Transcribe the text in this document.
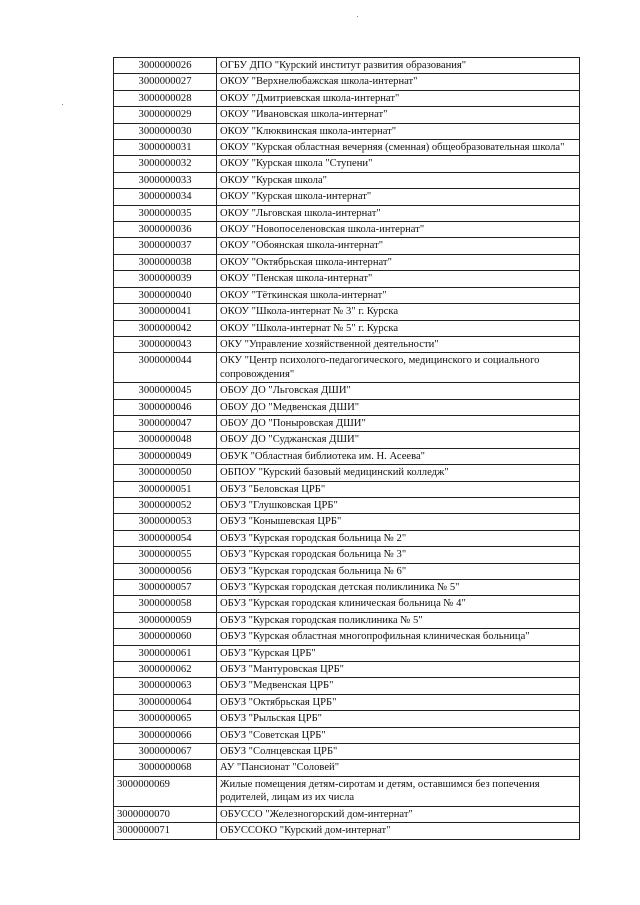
3000000026	ОГБУ ДПО "Курский институт развития образования"
3000000027	ОКОУ "Верхнелюбажская школа-интернат"
3000000028	ОКОУ "Дмитриевская школа-интернат"
3000000029	ОКОУ "Ивановская школа-интернат"
3000000030	ОКОУ "Клюквинская школа-интернат"
3000000031	ОКОУ "Курская областная вечерняя (сменная) общеобразовательная школа"
3000000032	ОКОУ "Курская школа "Ступени"
3000000033	ОКОУ "Курская школа"
3000000034	ОКОУ "Курская школа-интернат"
3000000035	ОКОУ "Льговская школа-интернат"
3000000036	ОКОУ "Новопоселеновская школа-интернат"
3000000037	ОКОУ "Обоянская школа-интернат"
3000000038	ОКОУ "Октябрьская школа-интернат"
3000000039	ОКОУ "Пенская школа-интернат"
3000000040	ОКОУ "Тёткинская школа-интернат"
3000000041	ОКОУ "Школа-интернат № 3" г. Курска
3000000042	ОКОУ "Школа-интернат № 5" г. Курска
3000000043	ОКУ "Управление хозяйственной деятельности"
3000000044	ОКУ "Центр психолого-педагогического, медицинского и социального сопровождения"
3000000045	ОБОУ ДО "Льговская ДШИ"
3000000046	ОБОУ ДО "Медвенская ДШИ"
3000000047	ОБОУ ДО "Поныровская ДШИ"
3000000048	ОБОУ ДО "Суджанская ДШИ"
3000000049	ОБУК "Областная библиотека им. Н. Асеева"
3000000050	ОБПОУ "Курский базовый медицинский колледж"
3000000051	ОБУЗ "Беловская ЦРБ"
3000000052	ОБУЗ "Глушковская ЦРБ"
3000000053	ОБУЗ "Конышевская ЦРБ"
3000000054	ОБУЗ "Курская городская больница № 2"
3000000055	ОБУЗ "Курская городская больница № 3"
3000000056	ОБУЗ "Курская городская больница № 6"
3000000057	ОБУЗ "Курская городская детская поликлиника № 5"
3000000058	ОБУЗ "Курская городская клиническая больница № 4"
3000000059	ОБУЗ "Курская городская поликлиника № 5"
3000000060	ОБУЗ "Курская областная многопрофильная клиническая больница"
3000000061	ОБУЗ "Курская ЦРБ"
3000000062	ОБУЗ "Мантуровская ЦРБ"
3000000063	ОБУЗ "Медвенская ЦРБ"
3000000064	ОБУЗ "Октябрьская ЦРБ"
3000000065	ОБУЗ "Рыльская ЦРБ"
3000000066	ОБУЗ "Советская ЦРБ"
3000000067	ОБУЗ "Солнцевская ЦРБ"
3000000068	АУ "Пансионат "Соловей"
3000000069	Жилые помещения детям-сиротам и детям, оставшимся без попечения родителей, лицам из их числа
3000000070	ОБУССО "Железногорский дом-интернат"
3000000071	ОБУССОКО "Курский дом-интернат"
